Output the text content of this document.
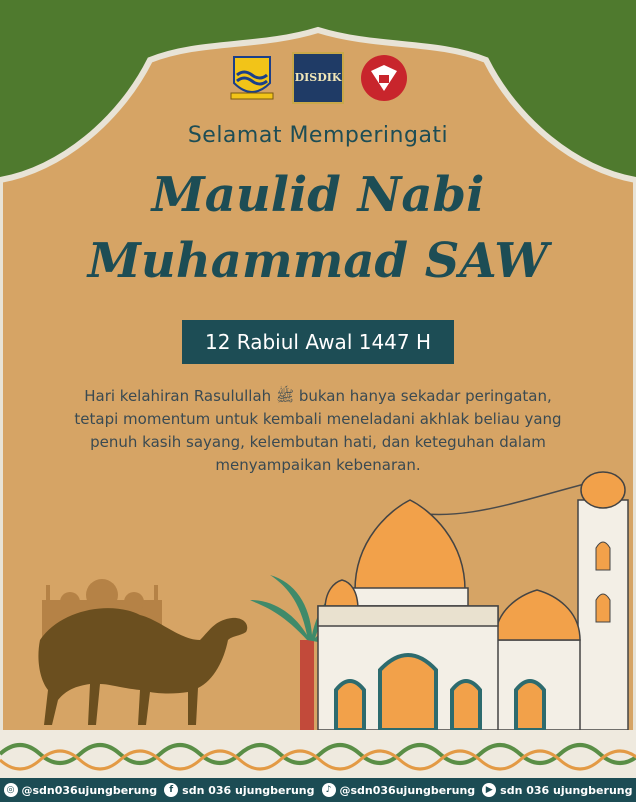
DISDIK
Selamat Memperingati
Maulid Nabi
Muhammad SAW
12 Rabiul Awal 1447 H
Hari kelahiran Rasulullah ﷺ bukan hanya sekadar peringatan, tetapi momentum untuk kembali meneladani akhlak beliau yang penuh kasih sayang, kelembutan hati, dan keteguhan dalam menyampaikan kebenaran.
◎ @sdn036ujungberung	f sdn 036 ujungberung	♪ @sdn036ujungberung	▶ sdn 036 ujungberung
